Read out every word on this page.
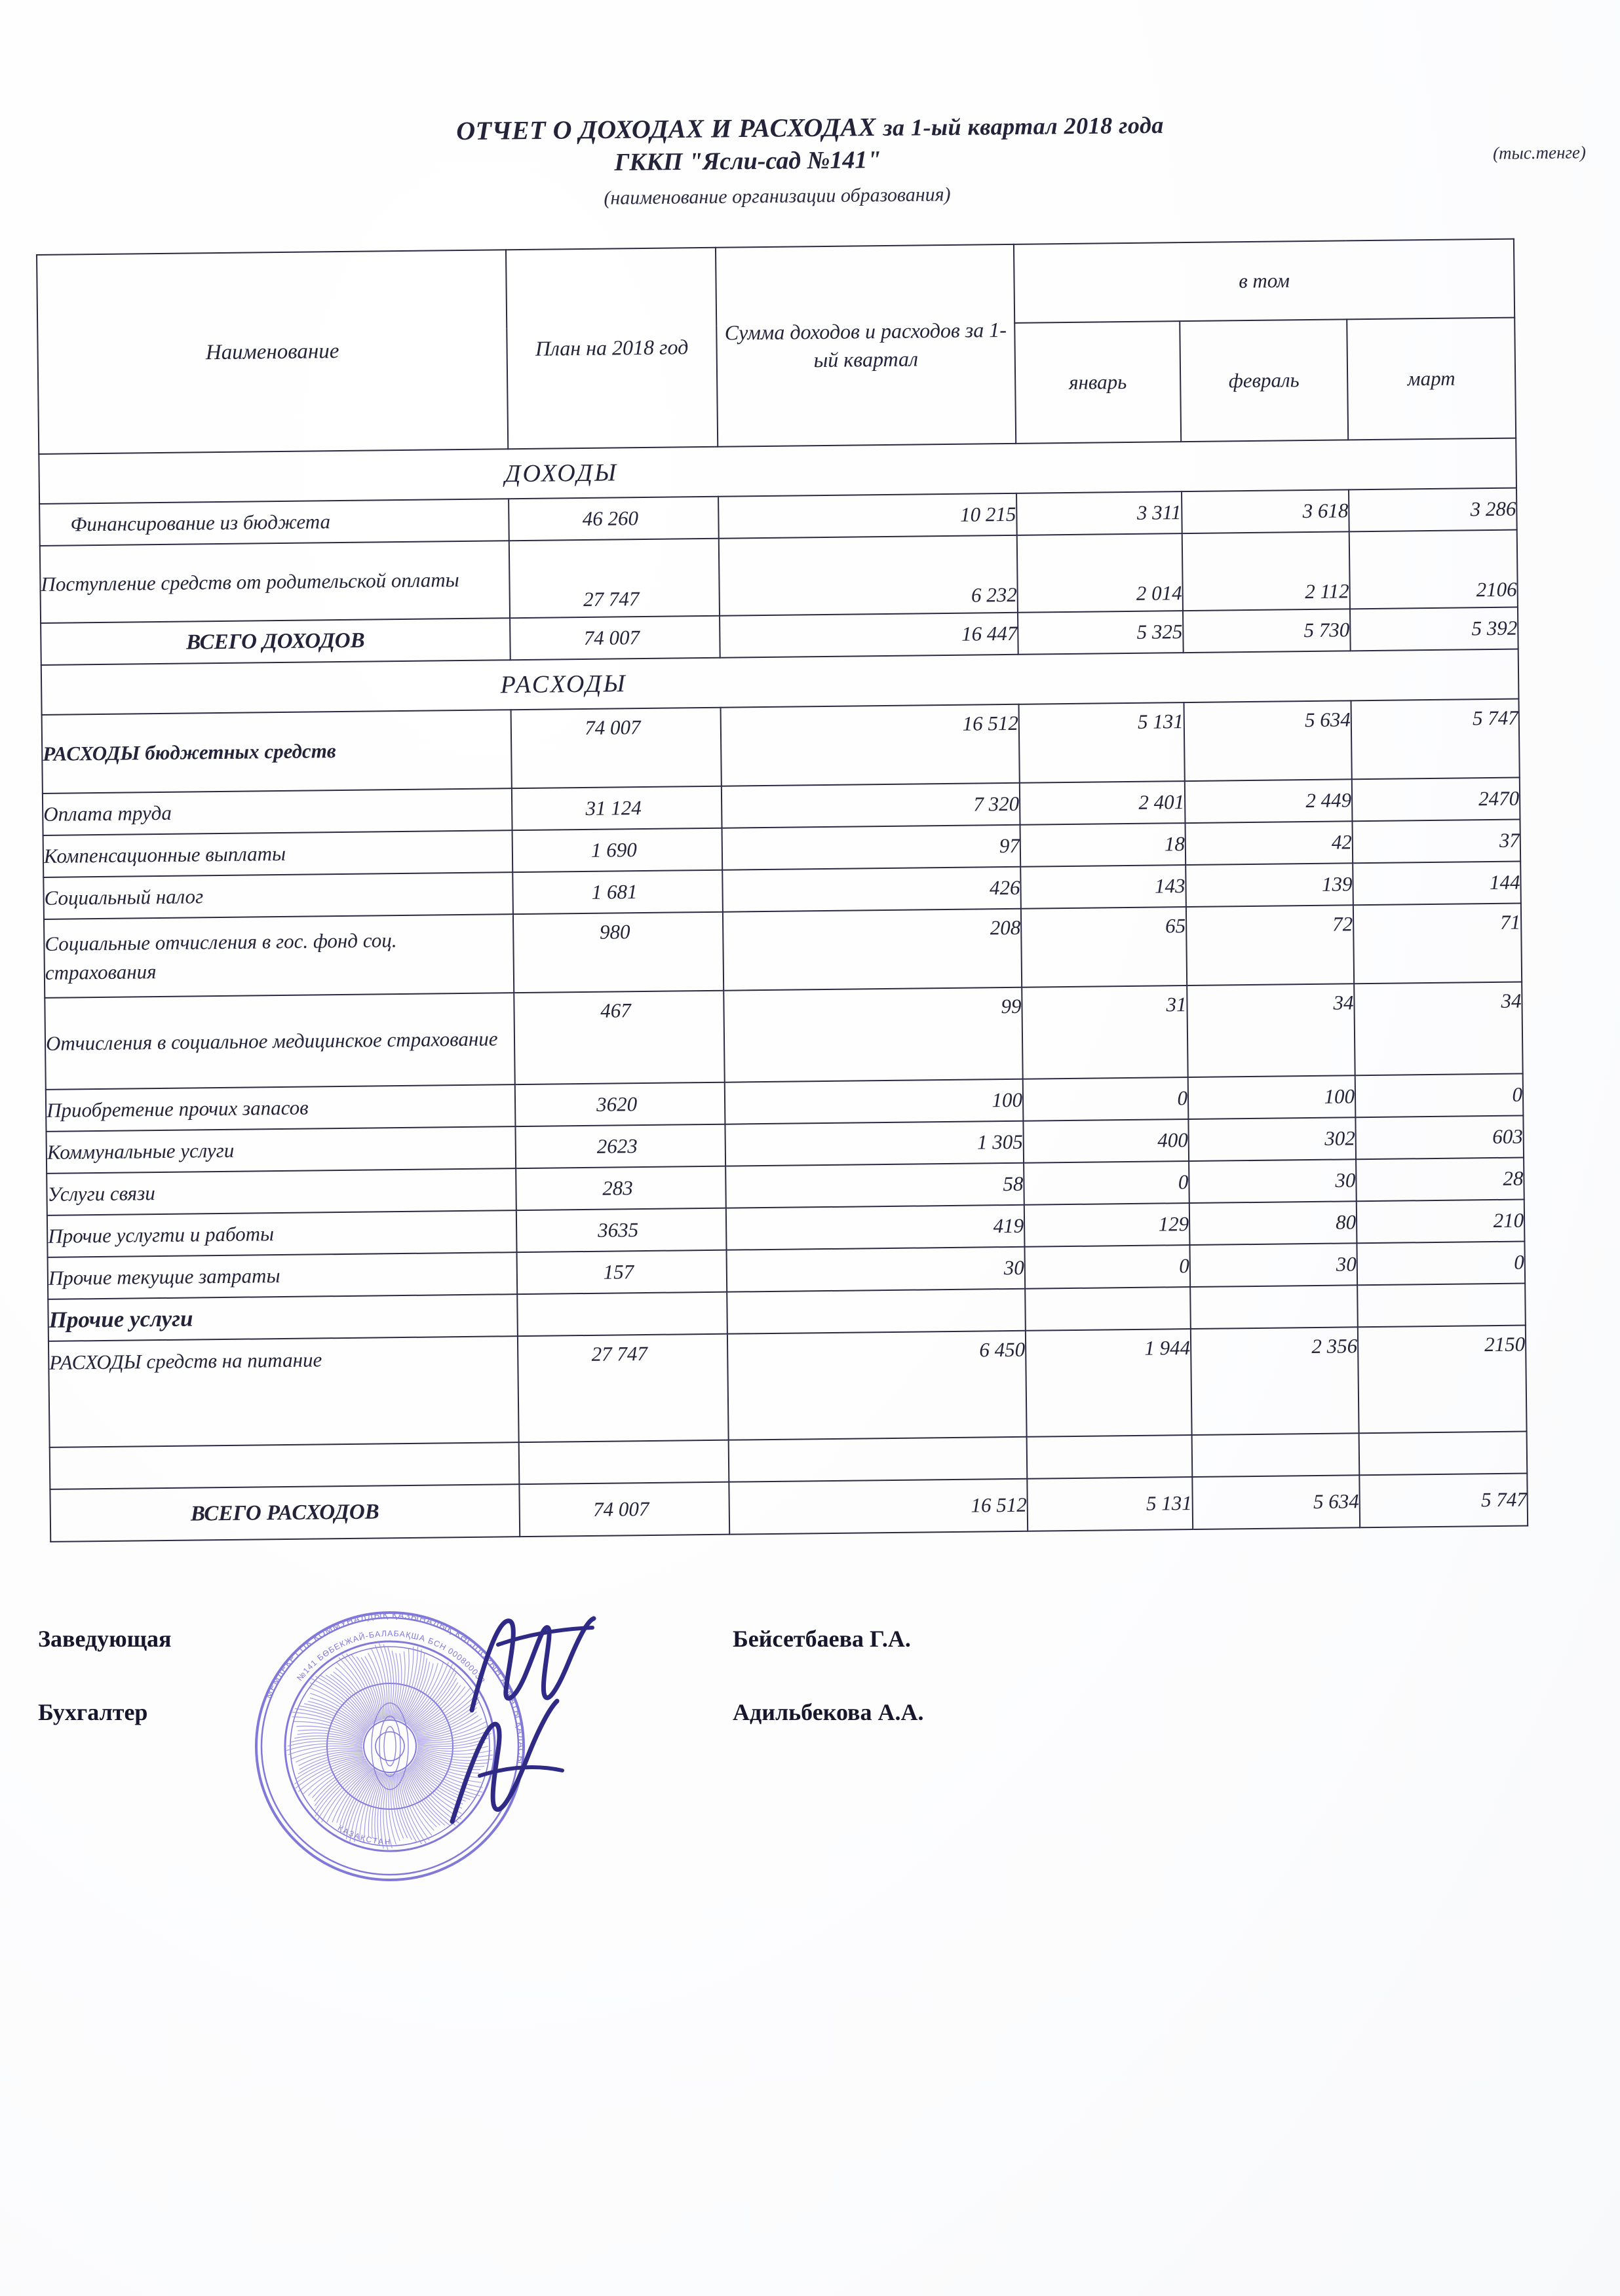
ОТЧЕТ О ДОХОДАХ И РАСХОДАХ за 1-ый квартал 2018 года
ГККП "Ясли-сад №141"
(наименование организации образования)
(тыс.тенге)
Наименование	План на 2018 год	Сумма доходов и расходов за 1-ый квартал	в том		
			январь	февраль	март
ДОХОДЫ					
Финансирование из бюджета	46 260	10 215	3 311	3 618	3 286
Поступление средств от родительской оплаты	27 747	6 232	2 014	2 112	2106
ВСЕГО ДОХОДОВ	74 007	16 447	5 325	5 730	5 392
РАСХОДЫ					
РАСХОДЫ бюджетных средств	74 007	16 512	5 131	5 634	5 747
Оплата труда	31 124	7 320	2 401	2 449	2470
Компенсационные выплаты	1 690	97	18	42	37
Социальный налог	1 681	426	143	139	144
Социальные отчисления в гос. фонд соц. страхования	980	208	65	72	71
Отчисления в социальное медицинское страхование	467	99	31	34	34
Приобретение прочих запасов	3620	100	0	100	0
Коммунальные услуги	2623	1 305	400	302	603
Услуги связи	283	58	0	30	28
Прочие услугти и работы	3635	419	129	80	210
Прочие текущие затраты	157	30	0	30	0
Прочие услуги					
РАСХОДЫ средств на питание	27 747	6 450	1 944	2 356	2150

ВСЕГО РАСХОДОВ	74 007	16 512	5 131	5 634	5 747
Заведующая	Бейсетбаева Г.А.
Бухгалтер	Адильбекова А.А.
МЕМЛЕКЕТТІК КОММУНАЛДЫҚ ҚАЗЫНАЛЫҚ КӘСІПОРЫН АЛМАТЫ ҚАЛАСЫ
№141 БӨБЕКЖАЙ-БАЛАБАҚША БСН 000800033
ҚАЗАҚСТАН
